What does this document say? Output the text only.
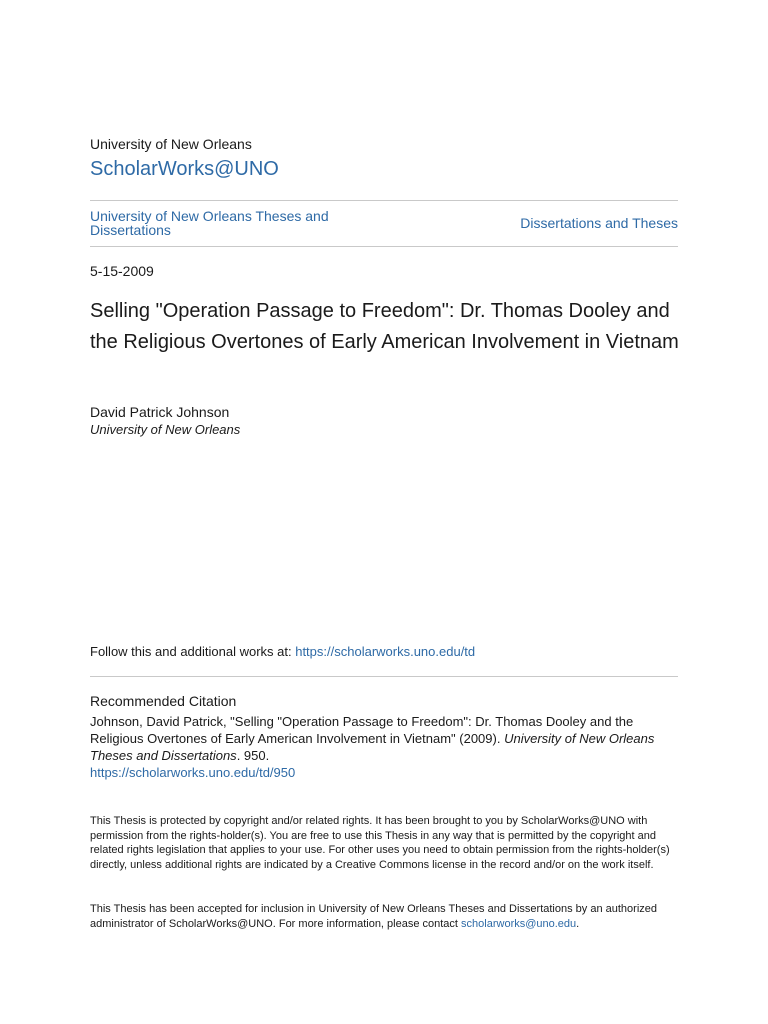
University of New Orleans
ScholarWorks@UNO
University of New Orleans Theses and Dissertations	Dissertations and Theses
5-15-2009
Selling "Operation Passage to Freedom": Dr. Thomas Dooley and the Religious Overtones of Early American Involvement in Vietnam
David Patrick Johnson
University of New Orleans
Follow this and additional works at: https://scholarworks.uno.edu/td
Recommended Citation
Johnson, David Patrick, "Selling "Operation Passage to Freedom": Dr. Thomas Dooley and the Religious Overtones of Early American Involvement in Vietnam" (2009). University of New Orleans Theses and Dissertations. 950.
https://scholarworks.uno.edu/td/950
This Thesis is protected by copyright and/or related rights. It has been brought to you by ScholarWorks@UNO with permission from the rights-holder(s). You are free to use this Thesis in any way that is permitted by the copyright and related rights legislation that applies to your use. For other uses you need to obtain permission from the rights-holder(s) directly, unless additional rights are indicated by a Creative Commons license in the record and/or on the work itself.
This Thesis has been accepted for inclusion in University of New Orleans Theses and Dissertations by an authorized administrator of ScholarWorks@UNO. For more information, please contact scholarworks@uno.edu.
